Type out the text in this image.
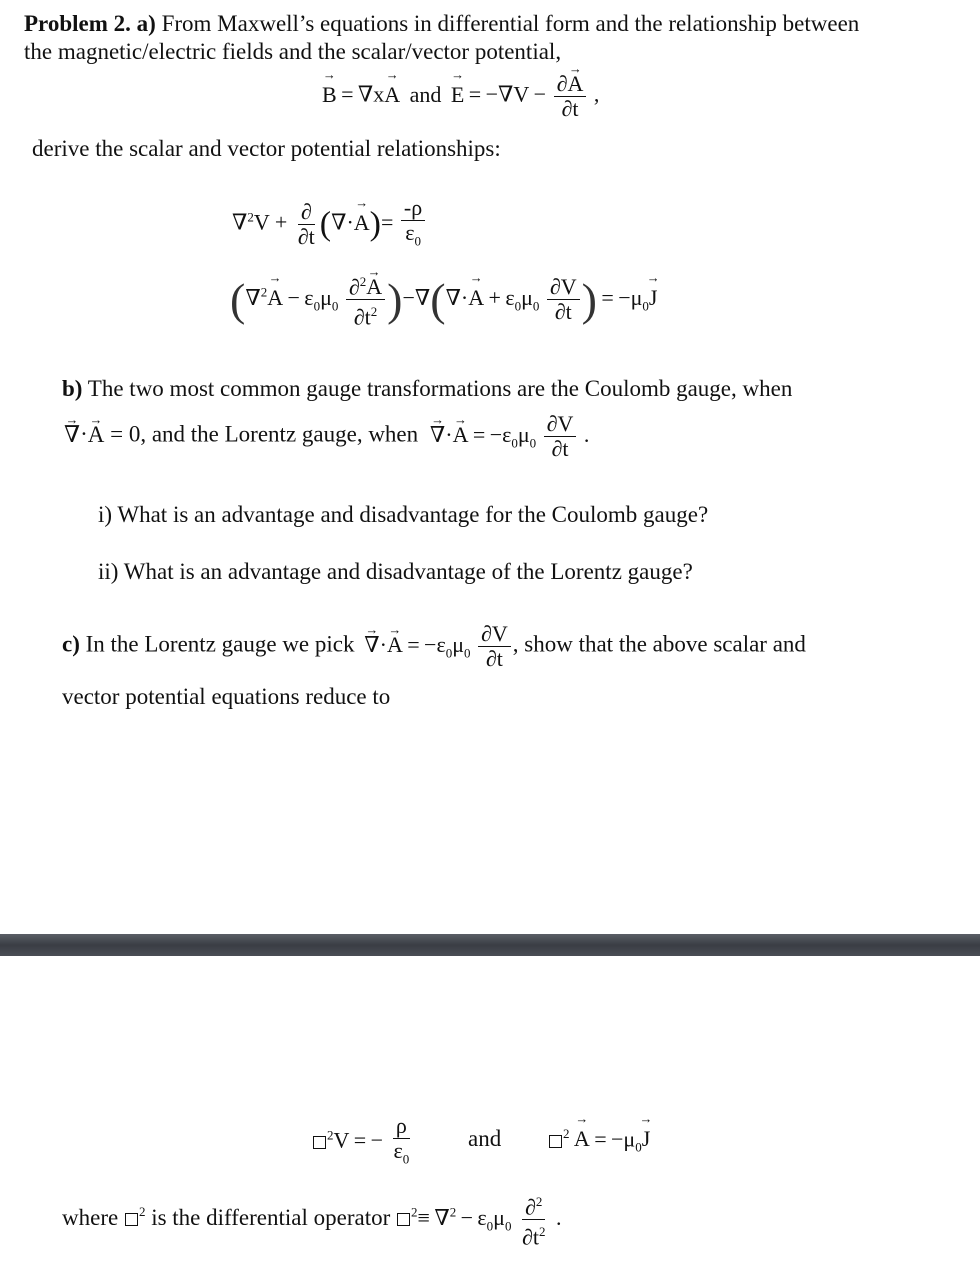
Problem 2. a) From Maxwell’s equations in differential form and the relationship between
the magnetic/electric fields and the scalar/vector potential,
→ B = ∇x→ A and → $E = -\nabla V - \frac{\partial\to A}{\partial t}$ ,
derive the scalar and vector potential relationships:
$\nabla^2V + \frac{\partial}{\partial t}$ (∇·→ $A)= \frac{-\rho}{\varepsilon_0}$
($\nabla^2\to A - \varepsilon_0\mu_0 \frac{\partial^2\to A}{\partial t^2}$ )−∇(∇·→ $A + \varepsilon_0\mu_0 \frac{\partial V}{\partial t}$ ) = $-\mu_0\to J$
b) The two most common gauge transformations are the Coulomb gauge, when
→ ∇·→ A = 0, and the Lorentz gauge, when → ∇·→ $A = -\varepsilon_0\mu_0 \frac{\partial V}{\partial t}$ .
i) What is an advantage and disadvantage for the Coulomb gauge?
ii) What is an advantage and disadvantage of the Lorentz gauge?
c) In the Lorentz gauge we pick → ∇·→ $A = -\varepsilon_0\mu_0 \frac{\partial V}{\partial t}$ , show that the above scalar and
vector potential equations reduce to
$^2$V = − $\frac{\rho}{\varepsilon_0}$ and	$^2 \to A = -\mu_0\to J$
where $^2$ is the differential operator $^2\equiv \nabla^2 - \varepsilon_0\mu_0 \frac{\partial^2}{\partial t^2}$ .
